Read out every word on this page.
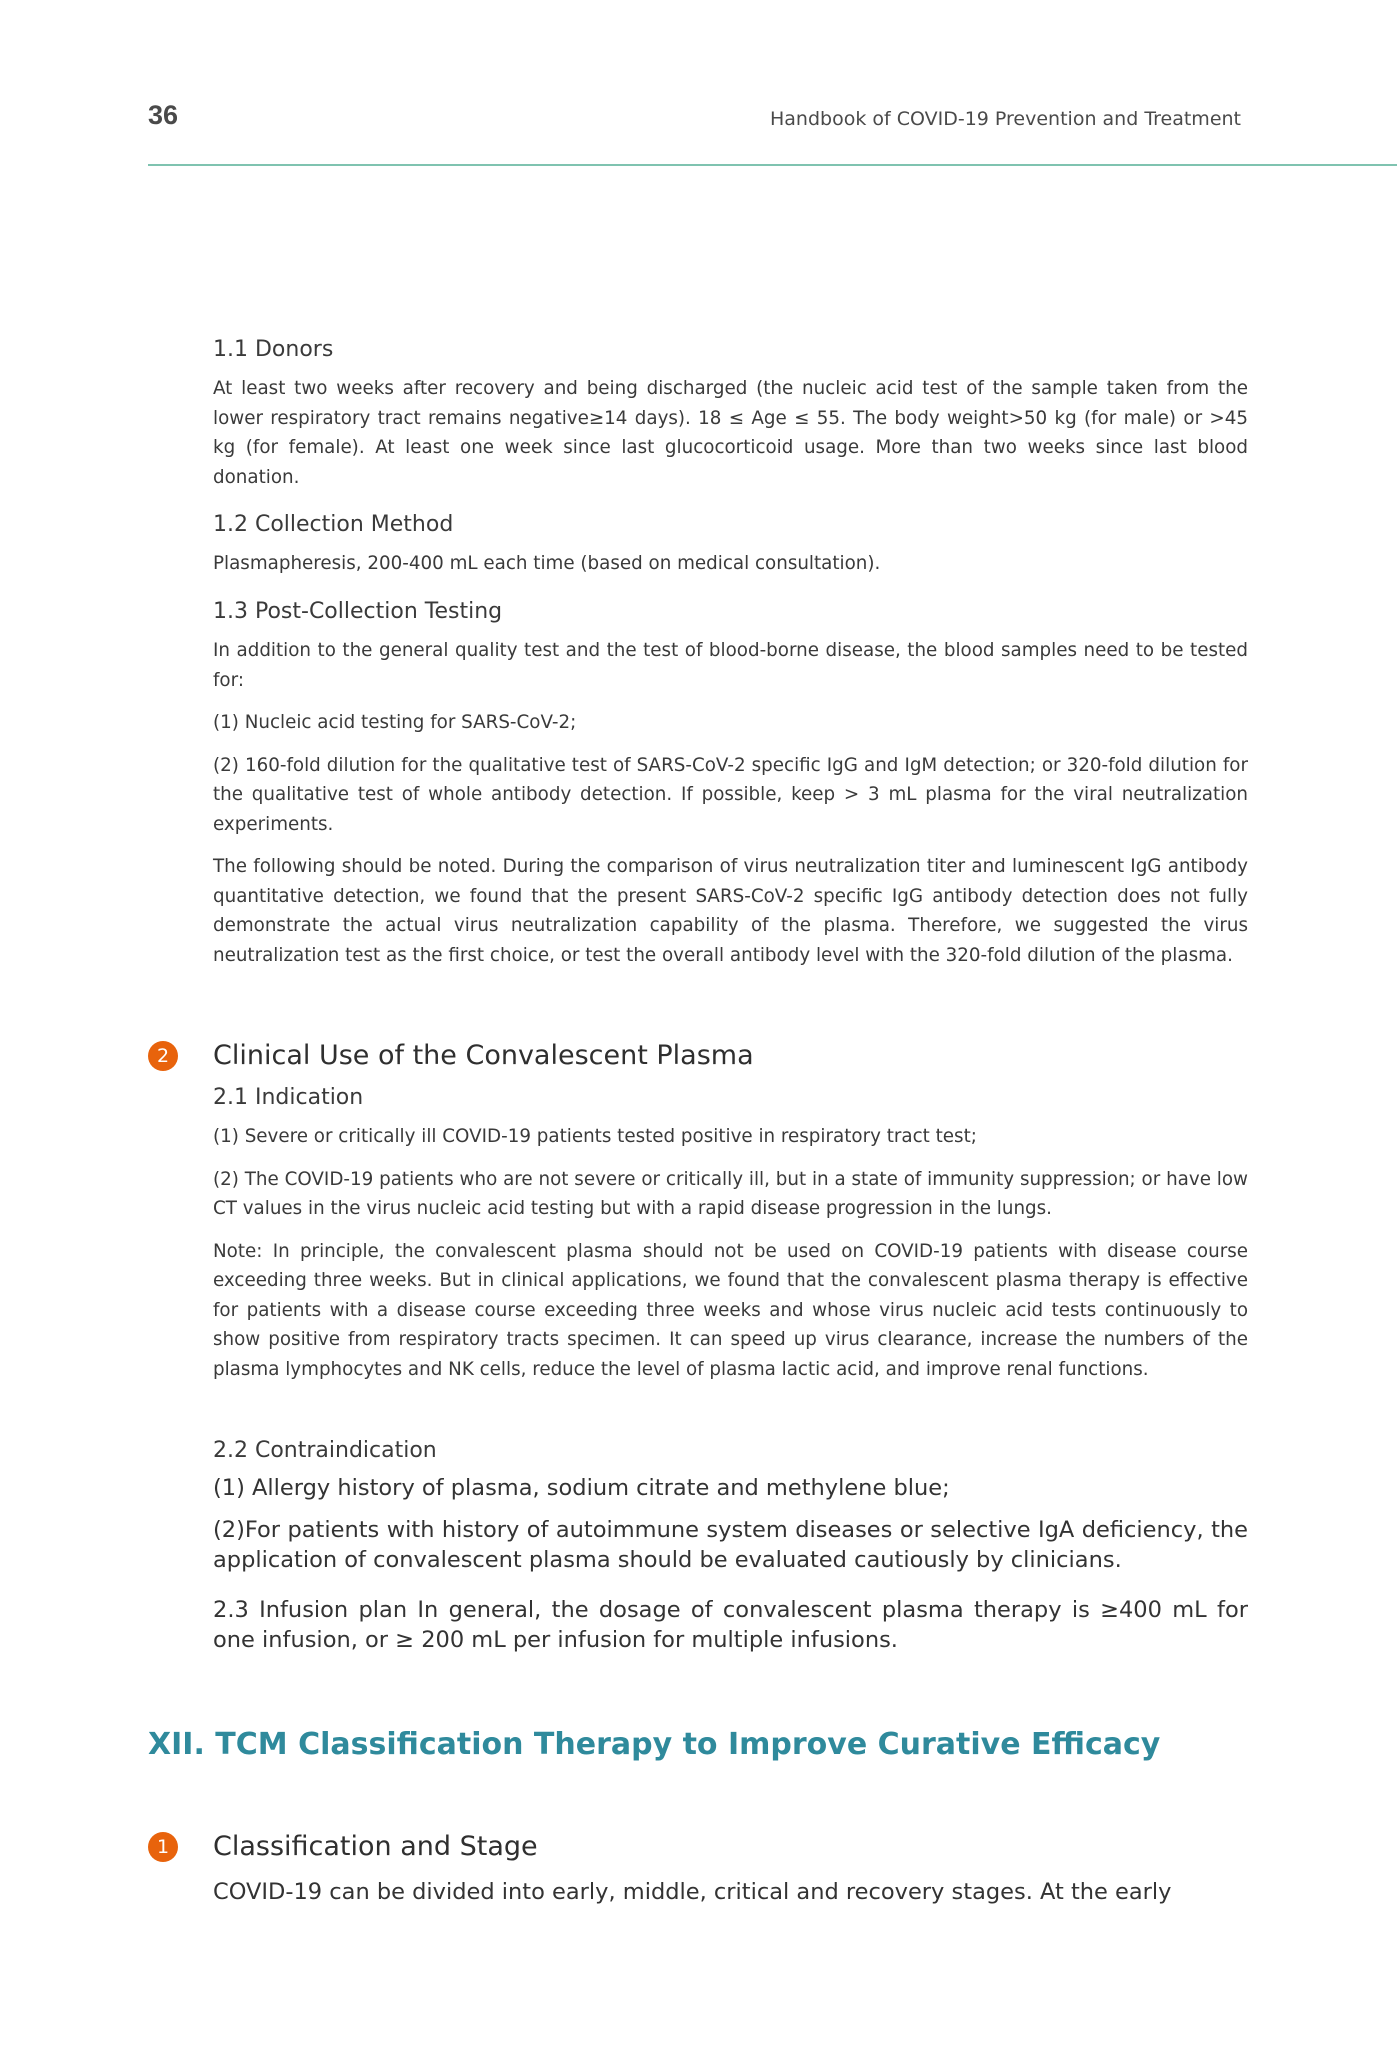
36	Handbook of COVID-19 Prevention and Treatment
1.1 Donors

At least two weeks after recovery and being discharged (the nucleic acid test of the sample taken from the lower respiratory tract remains negative≥14 days). 18 ≤ Age ≤ 55. The body weight>50 kg (for male) or >45 kg (for female). At least one week since last glucocorticoid usage. More than two weeks since last blood donation.

1.2 Collection Method

Plasmapheresis, 200-400 mL each time (based on medical consultation).

1.3 Post-Collection Testing

In addition to the general quality test and the test of blood-borne disease, the blood samples need to be tested for:

(1) Nucleic acid testing for SARS-CoV-2;

(2) 160-fold dilution for the qualitative test of SARS-CoV-2 specific IgG and IgM detection; or 320-fold dilution for the qualitative test of whole antibody detection. If possible, keep > 3 mL plasma for the viral neutralization experiments.

The following should be noted. During the comparison of virus neutralization titer and luminescent IgG antibody quantitative detection, we found that the present SARS-CoV-2 specific IgG antibody detection does not fully demonstrate the actual virus neutralization capability of the plasma. Therefore, we suggested the virus neutralization test as the first choice, or test the overall antibody level with the 320-fold dilution of the plasma.

2	Clinical Use of the Convalescent Plasma
2.1 Indication

(1) Severe or critically ill COVID-19 patients tested positive in respiratory tract test;

(2) The COVID-19 patients who are not severe or critically ill, but in a state of immunity suppression; or have low CT values in the virus nucleic acid testing but with a rapid disease progression in the lungs.

Note: In principle, the convalescent plasma should not be used on COVID-19 patients with disease course exceeding three weeks. But in clinical applications, we found that the convalescent plasma therapy is effective for patients with a disease course exceeding three weeks and whose virus nucleic acid tests continuously to show positive from respiratory tracts specimen. It can speed up virus clearance, increase the numbers of the plasma lymphocytes and NK cells, reduce the level of plasma lactic acid, and improve renal functions.

2.2 Contraindication

(1) Allergy history of plasma, sodium citrate and methylene blue;

(2)For patients with history of autoimmune system diseases or selective IgA deficiency, the application of convalescent plasma should be evaluated cautiously by clinicians.

2.3 Infusion plan In general, the dosage of convalescent plasma therapy is ≥400 mL for one infusion, or ≥ 200 mL per infusion for multiple infusions.

XII. TCM Classification Therapy to Improve Curative Efficacy
1	Classification and Stage

COVID-19 can be divided into early, middle, critical and recovery stages. At the early
